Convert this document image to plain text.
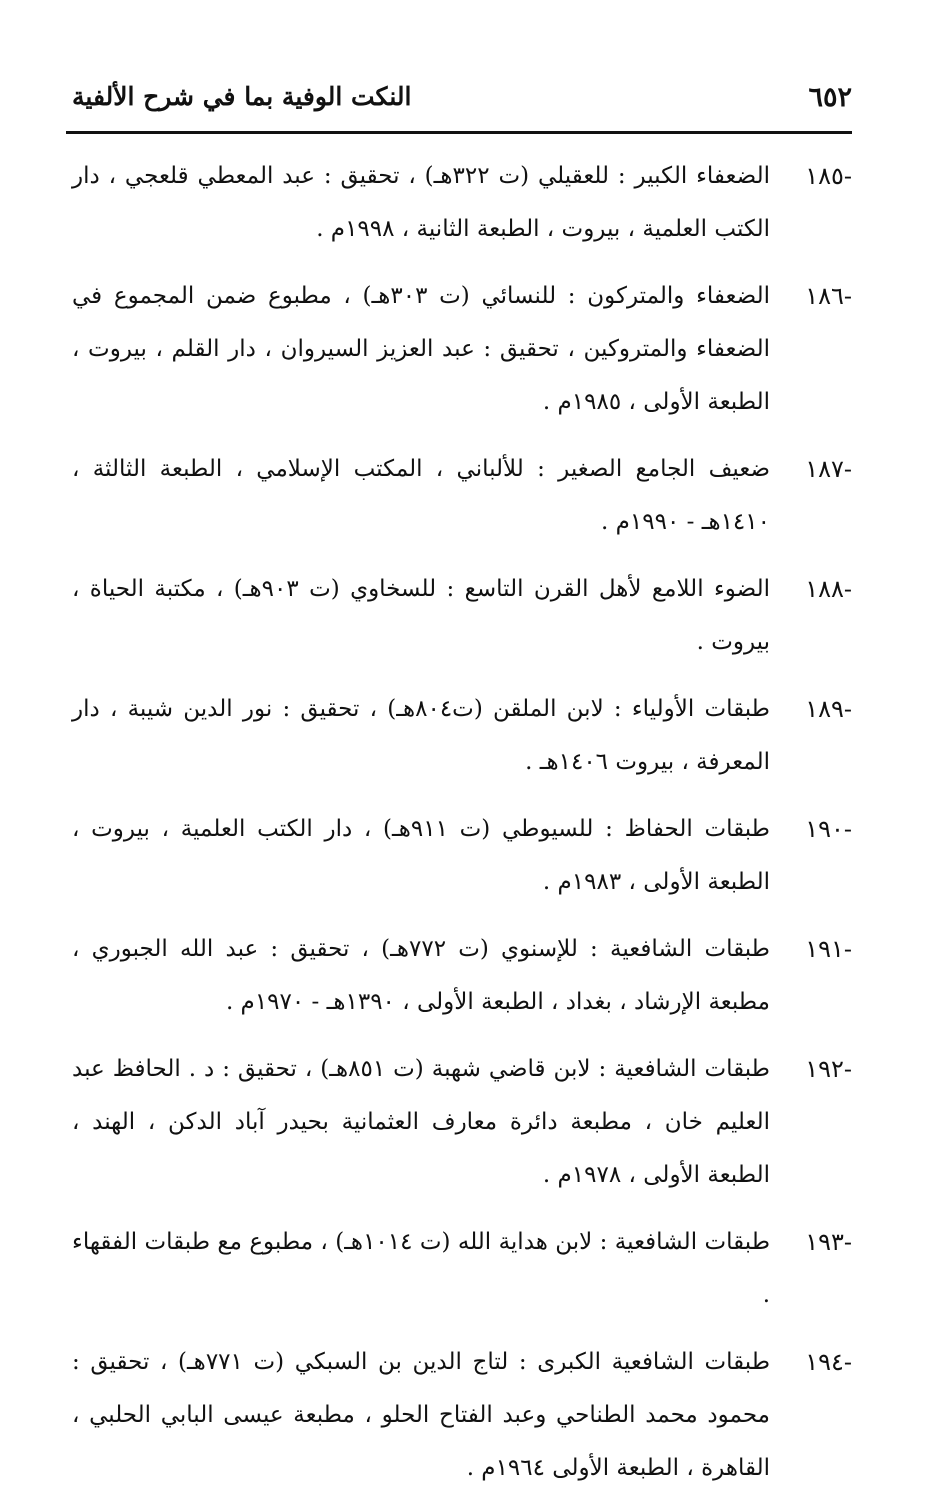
٦٥٢
النكت الوفية بما في شرح الألفية
١٨٥-
الضعفاء الكبير : للعقيلي (ت ٣٢٢هـ) ، تحقيق : عبد المعطي قلعجي ، دار الكتب العلمية ، بيروت ، الطبعة الثانية ، ١٩٩٨م .
١٨٦-
الضعفاء والمتركون : للنسائي (ت ٣٠٣هـ) ، مطبوع ضمن المجموع في الضعفاء والمتروكين ، تحقيق : عبد العزيز السيروان ، دار القلم ، بيروت ، الطبعة الأولى ، ١٩٨٥م .
١٨٧-
ضعيف الجامع الصغير : للألباني ، المكتب الإسلامي ، الطبعة الثالثة ، ١٤١٠هـ - ١٩٩٠م .
١٨٨-
الضوء اللامع لأهل القرن التاسع : للسخاوي (ت ٩٠٣هـ) ، مكتبة الحياة ، بيروت .
١٨٩-
طبقات الأولياء : لابن الملقن (ت٨٠٤هـ) ، تحقيق : نور الدين شيبة ، دار المعرفة ، بيروت ١٤٠٦هـ .
١٩٠-
طبقات الحفاظ : للسيوطي (ت ٩١١هـ) ، دار الكتب العلمية ، بيروت ، الطبعة الأولى ، ١٩٨٣م .
١٩١-
طبقات الشافعية : للإسنوي (ت ٧٧٢هـ) ، تحقيق : عبد الله الجبوري ، مطبعة الإرشاد ، بغداد ، الطبعة الأولى ، ١٣٩٠هـ - ١٩٧٠م .
١٩٢-
طبقات الشافعية : لابن قاضي شهبة (ت ٨٥١هـ) ، تحقيق : د . الحافظ عبد العليم خان ، مطبعة دائرة معارف العثمانية بحيدر آباد الدكن ، الهند ، الطبعة الأولى ، ١٩٧٨م .
١٩٣-
طبقات الشافعية : لابن هداية الله (ت ١٠١٤هـ) ، مطبوع مع طبقات الفقهاء .
١٩٤-
طبقات الشافعية الكبرى : لتاج الدين بن السبكي (ت ٧٧١هـ) ، تحقيق : محمود محمد الطناحي وعبد الفتاح الحلو ، مطبعة عيسى البابي الحلبي ، القاهرة ، الطبعة الأولى ١٩٦٤م .
